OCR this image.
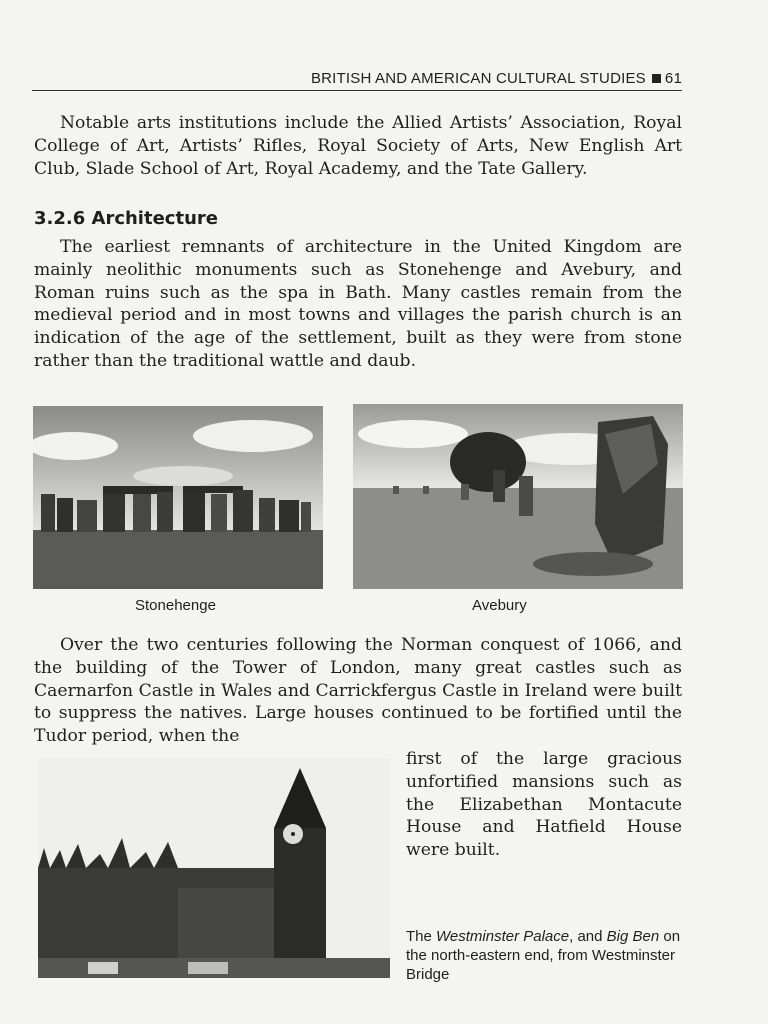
BRITISH AND AMERICAN CULTURAL STUDIES 61

Notable arts institutions include the Allied Artists’ Association, Royal College of Art, Artists’ Rifles, Royal Society of Arts, New English Art Club, Slade School of Art, Royal Academy, and the Tate Gallery.

3.2.6 Architecture

The earliest remnants of architecture in the United Kingdom are mainly neolithic monuments such as Stonehenge and Avebury, and Roman ruins such as the spa in Bath. Many castles remain from the medieval period and in most towns and villages the parish church is an indication of the age of the settlement, built as they were from stone rather than the traditional wattle and daub.

Stonehenge	Avebury

Over the two centuries following the Norman conquest of 1066, and the building of the Tower of London, many great castles such as Caernarfon Castle in Wales and Carrickfergus Castle in Ireland were built to suppress the natives. Large houses continued to be fortified until the Tudor period, when the

first of the large gracious unfortified mansions such as the Elizabethan Montacute House and Hatfield House were built.

The Westminster Palace, and Big Ben on the north-eastern end, from Westminster Bridge
